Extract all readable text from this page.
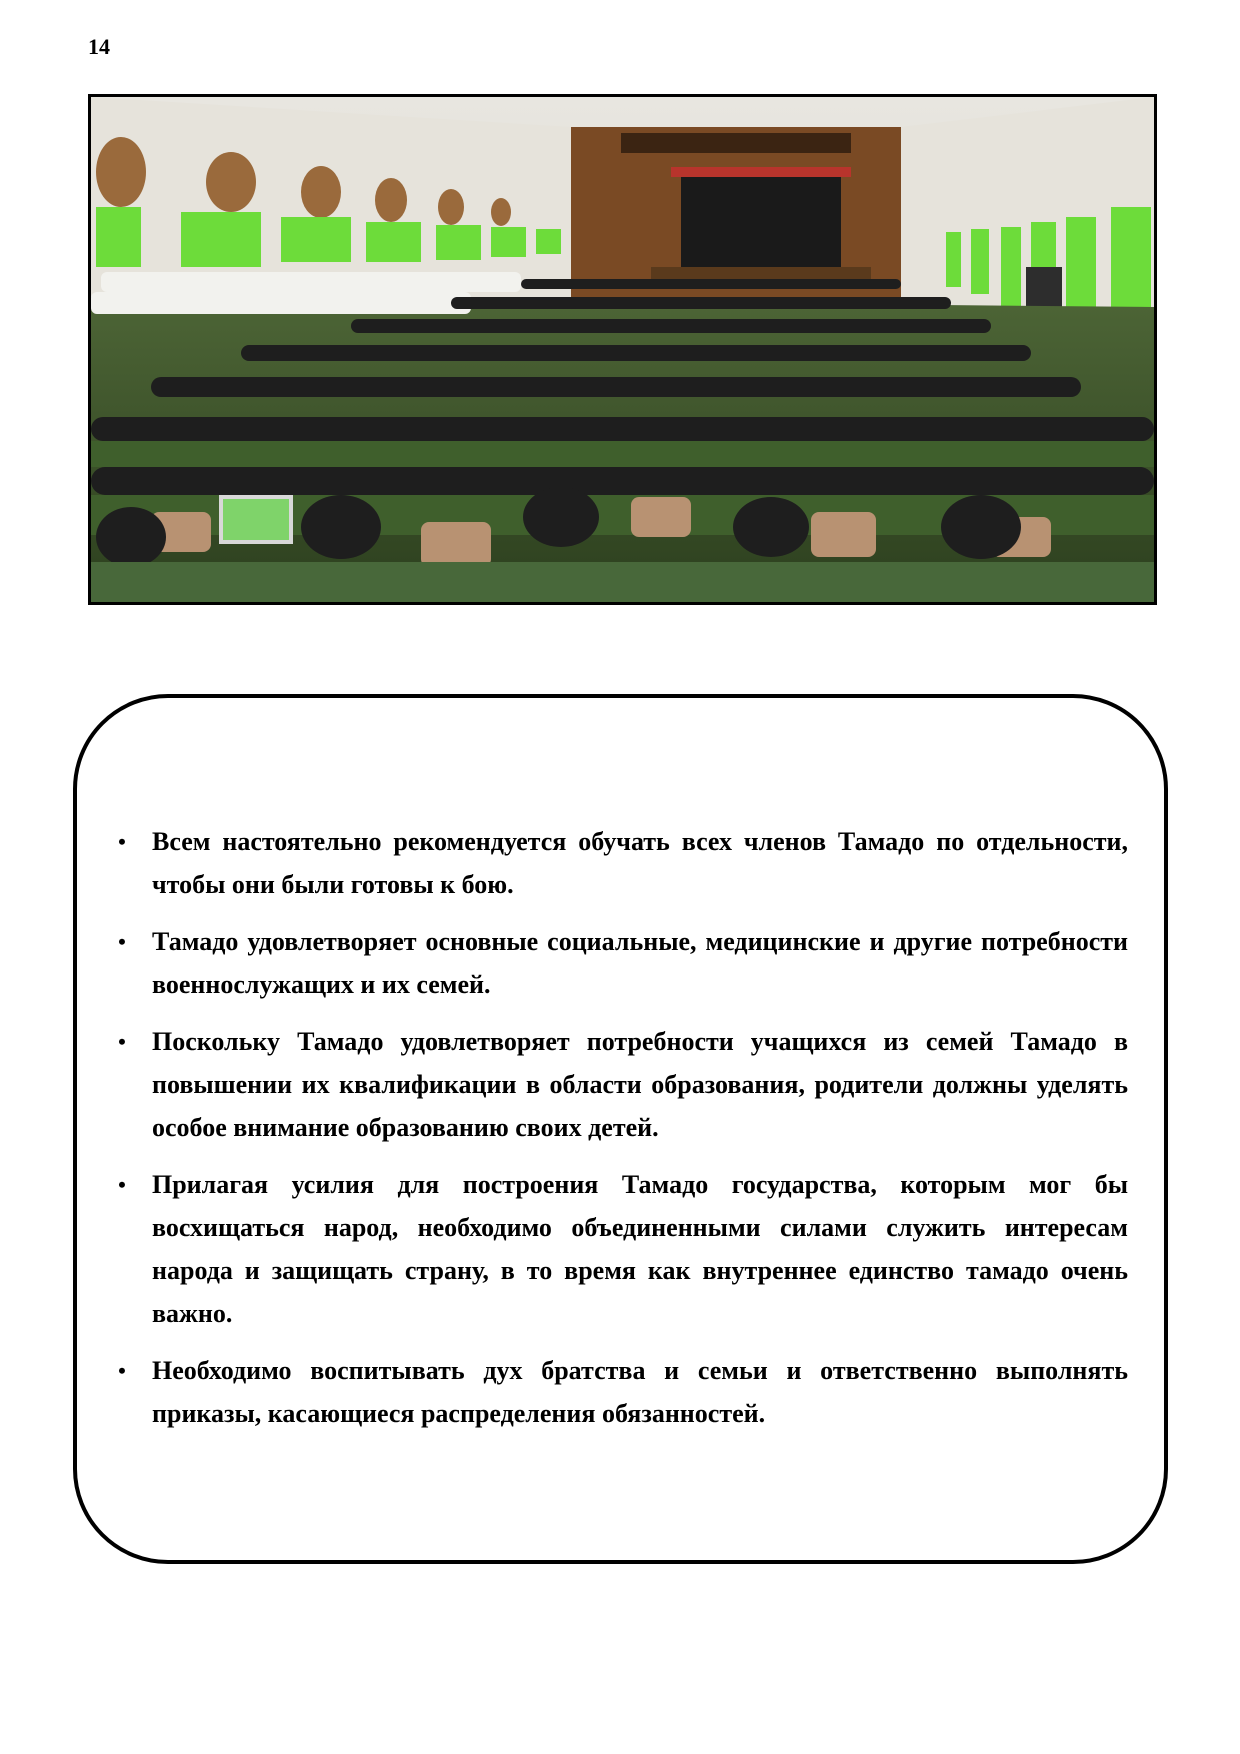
14
• Всем настоятельно рекомендуется обучать всех членов Тамадо по отдельности, чтобы они были готовы к бою.
• Тамадо удовлетворяет основные социальные, медицинские и другие потребности военнослужащих и их семей.
• Поскольку Тамадо удовлетворяет потребности учащихся из семей Тамадо в повышении их квалификации в области образования, родители должны уделять особое внимание образованию своих детей.
• Прилагая усилия для построения Тамадо государства, которым мог бы восхищаться народ, необходимо объединенными силами служить интересам народа и защищать страну, в то время как внутреннее единство тамадо очень важно.
• Необходимо воспитывать дух братства и семьи и ответственно выполнять приказы, касающиеся распределения обязанностей.
